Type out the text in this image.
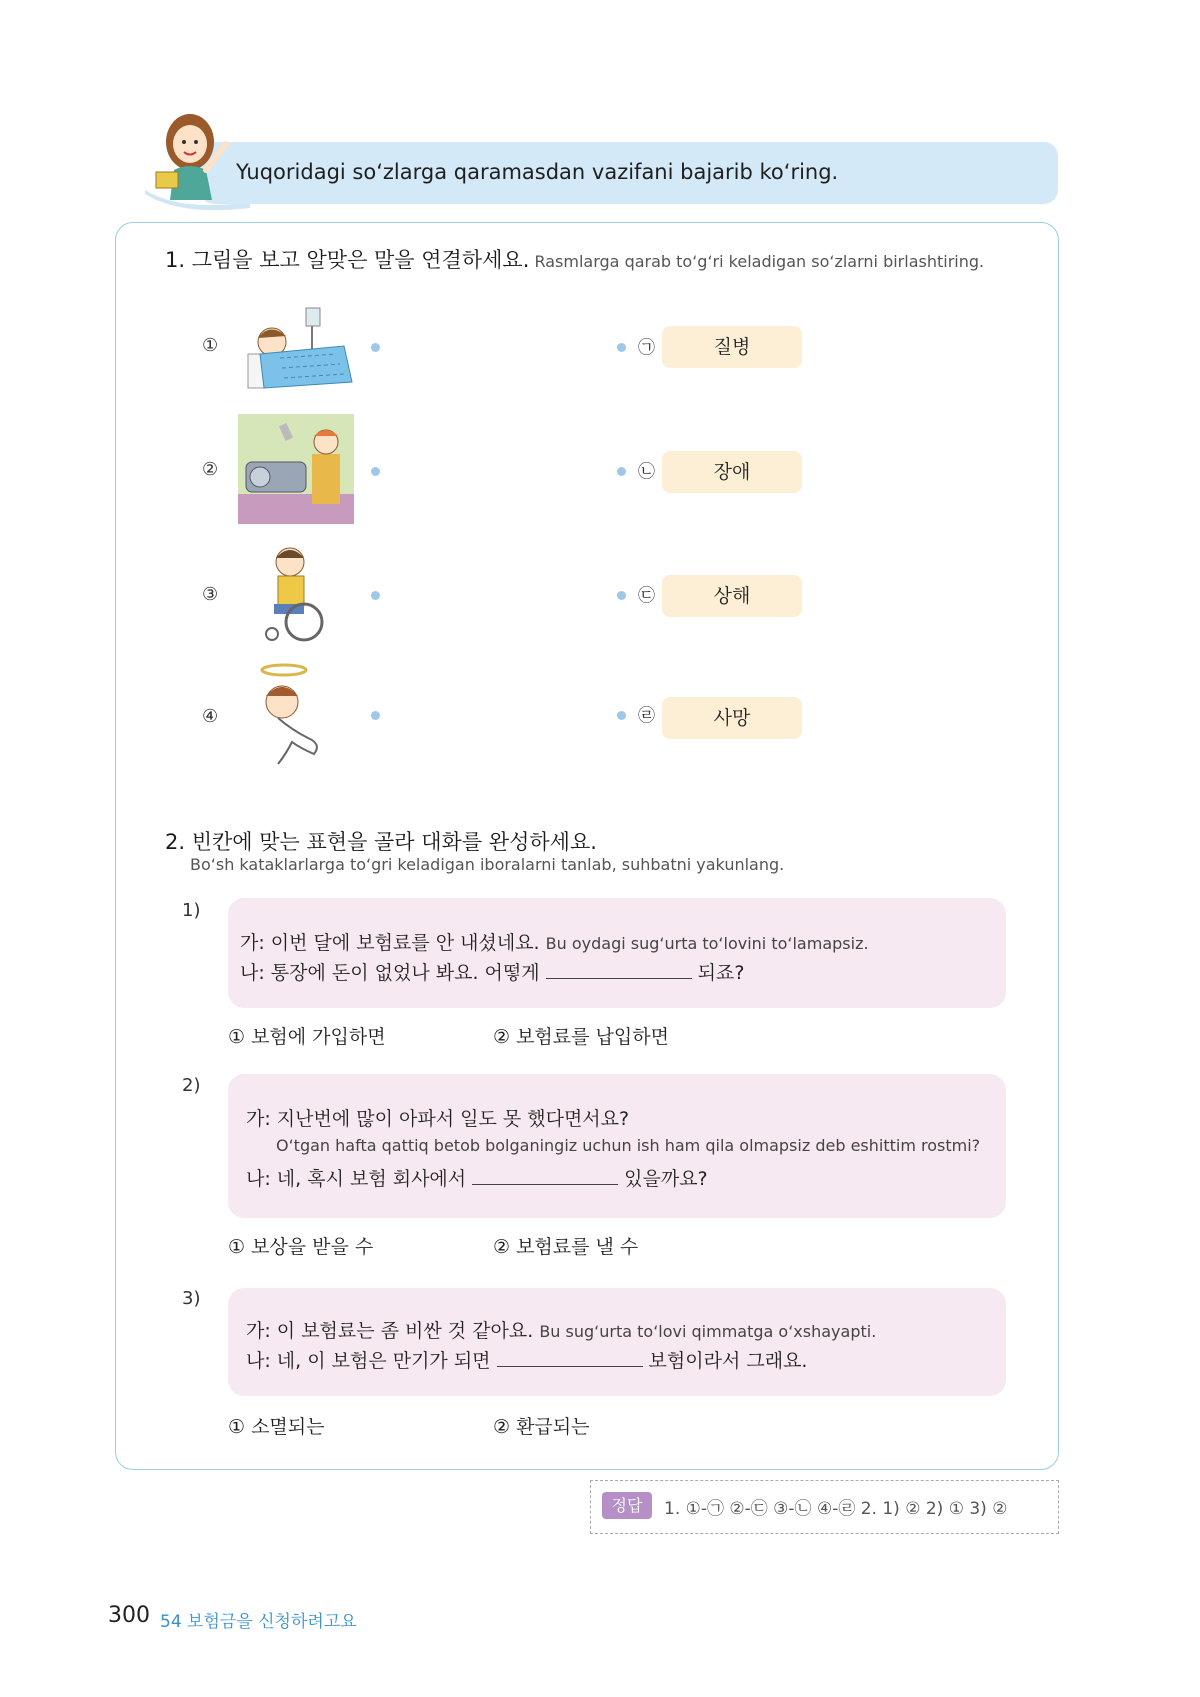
Yuqoridagi so‘zlarga qaramasdan vazifani bajarib ko‘ring.
1. 그림을 보고 알맞은 말을 연결하세요. Rasmlarga qarab to‘g‘ri keladigan so‘zlarni birlashtiring.
①	㉠	질병
②	㉡	장애
③	㉢	상해
④	㉣	사망
2. 빈칸에 맞는 표현을 골라 대화를 완성하세요.
Bo‘sh kataklarlarga to‘gri keladigan iboralarni tanlab, suhbatni yakunlang.
1)
가: 이번 달에 보험료를 안 내셨네요. Bu oydagi sug‘urta to‘lovini to‘lamapsiz.
나: 통장에 돈이 없었나 봐요. 어떻게	되죠?
① 보험에 가입하면	② 보험료를 납입하면
2)
가: 지난번에 많이 아파서 일도 못 했다면서요?
O‘tgan hafta qattiq betob bolganingiz uchun ish ham qila olmapsiz deb eshittim rostmi?
나: 네, 혹시 보험 회사에서	있을까요?
① 보상을 받을 수	② 보험료를 낼 수
3)
가: 이 보험료는 좀 비싼 것 같아요. Bu sug‘urta to‘lovi qimmatga o‘xshayapti.
나: 네, 이 보험은 만기가 되면	보험이라서 그래요.
① 소멸되는	② 환급되는
정답	1. ①-㉠ ②-㉢ ③-㉡ ④-㉣ 2. 1) ② 2) ① 3) ②
300 54 보험금을 신청하려고요
